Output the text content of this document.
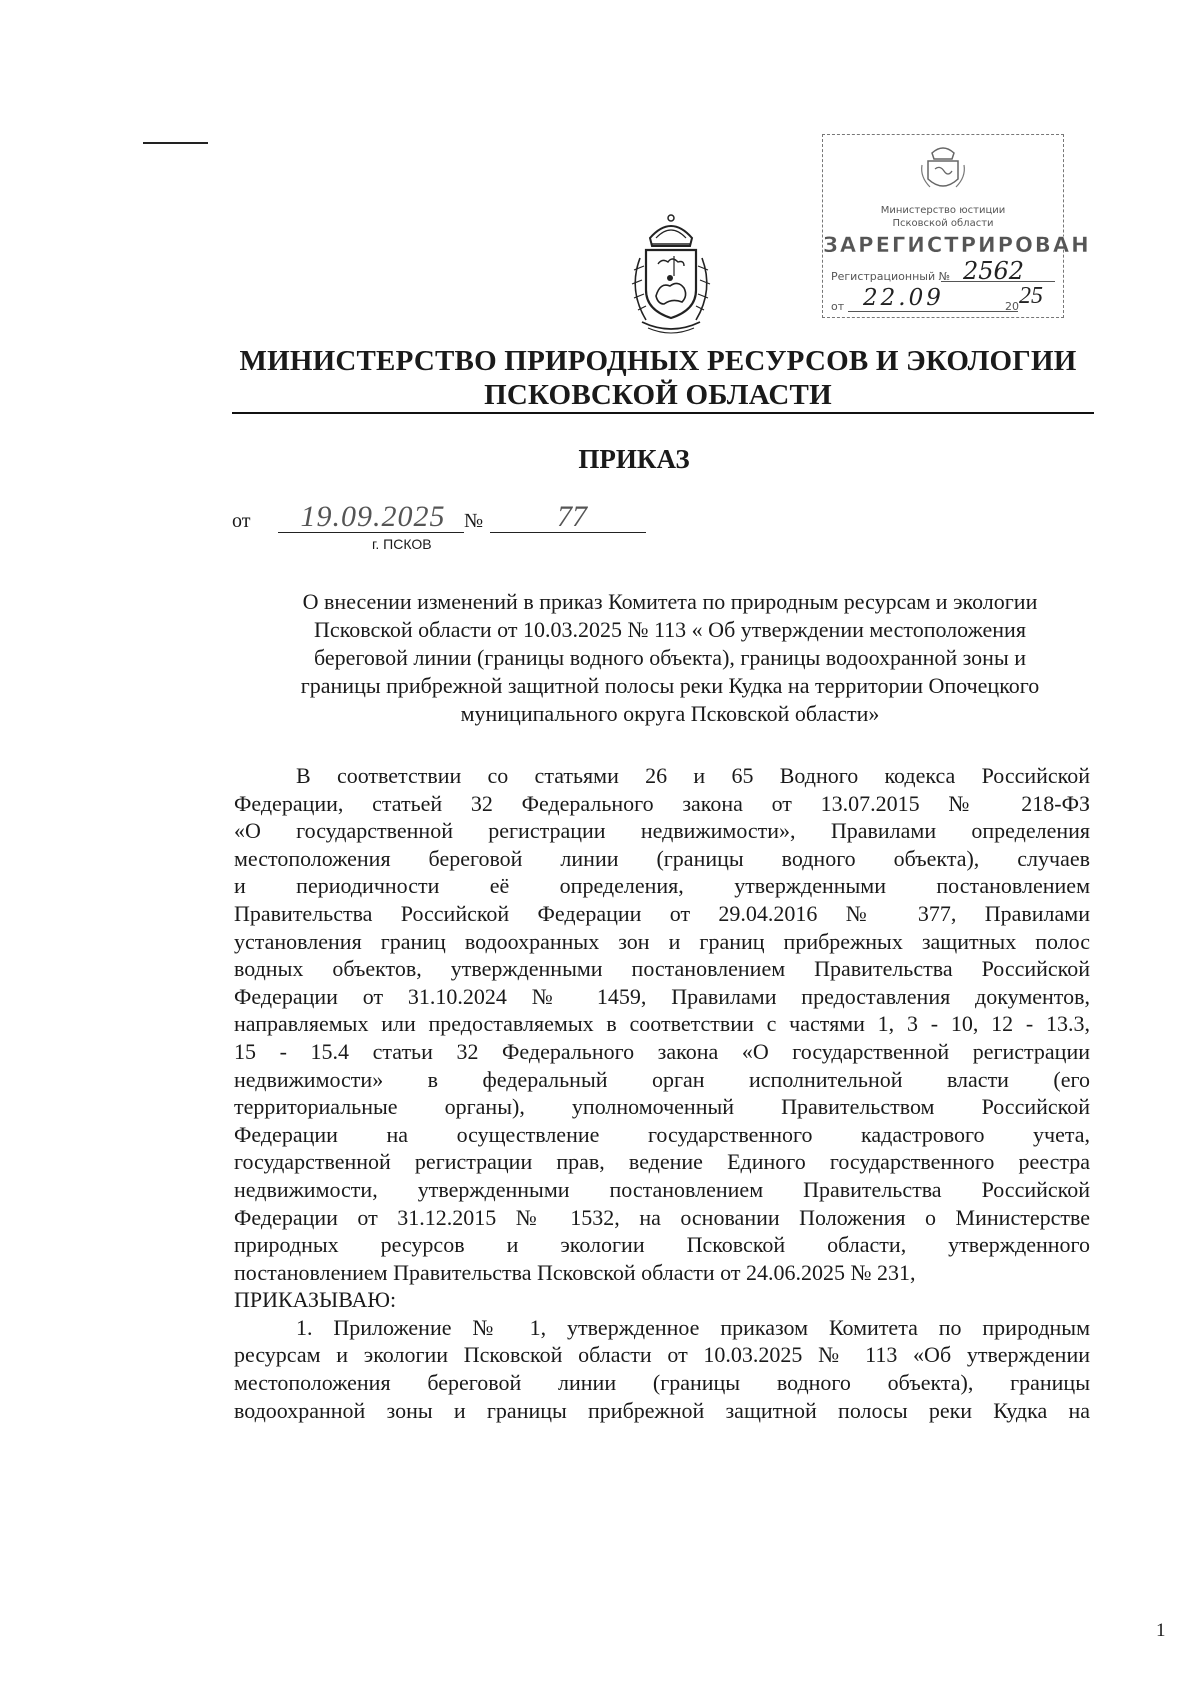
Министерство юстиции
Псковской области
ЗАРЕГИСТРИРОВАН
Регистрационный № 2562
от 22.09	20 25
МИНИСТЕРСТВО ПРИРОДНЫХ РЕСУРСОВ И ЭКОЛОГИИ
ПСКОВСКОЙ ОБЛАСТИ
ПРИКАЗ
от	19.09.2025 №	77
г. ПСКОВ
О внесении изменений в приказ Комитета по природным ресурсам и экологии
Псковской области от 10.03.2025 № 113 « Об утверждении местоположения
береговой линии (границы водного объекта), границы водоохранной зоны и
границы прибрежной защитной полосы реки Кудка на территории Опочецкого
муниципального округа Псковской области»
В соответствии со статьями 26 и 65 Водного кодекса Российской
Федерации, статьей 32 Федерального закона от 13.07.2015 № 218-ФЗ
«О государственной регистрации недвижимости», Правилами определения
местоположения береговой линии (границы водного объекта), случаев
и периодичности её определения, утвержденными постановлением
Правительства Российской Федерации от 29.04.2016 № 377, Правилами
установления границ водоохранных зон и границ прибрежных защитных полос
водных объектов, утвержденными постановлением Правительства Российской
Федерации от 31.10.2024 № 1459, Правилами предоставления документов,
направляемых или предоставляемых в соответствии с частями 1, 3 - 10, 12 - 13.3,
15 - 15.4 статьи 32 Федерального закона «О государственной регистрации
недвижимости» в федеральный орган исполнительной власти (его
территориальные органы), уполномоченный Правительством Российской
Федерации на осуществление государственного кадастрового учета,
государственной регистрации прав, ведение Единого государственного реестра
недвижимости, утвержденными постановлением Правительства Российской
Федерации от 31.12.2015 № 1532, на основании Положения о Министерстве
природных ресурсов и экологии Псковской области, утвержденного
постановлением Правительства Псковской области от 24.06.2025 № 231,
ПРИКАЗЫВАЮ:
1. Приложение № 1, утвержденное приказом Комитета по природным
ресурсам и экологии Псковской области от 10.03.2025 № 113 «Об утверждении
местоположения береговой линии (границы водного объекта), границы
водоохранной зоны и границы прибрежной защитной полосы реки Кудка на
1
